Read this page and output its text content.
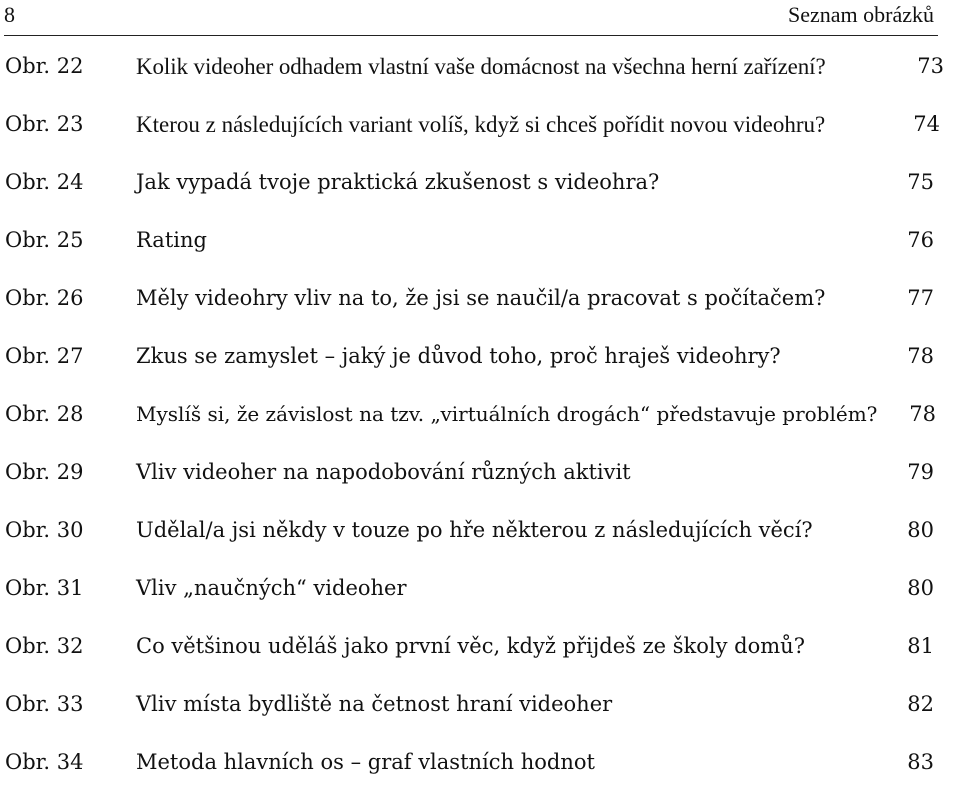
8	Seznam obrázků
Obr. 22 Kolik videoher odhadem vlastní vaše domácnost na všechna herní zařízení?	73
Obr. 23 Kterou z následujících variant volíš, když si chceš pořídit novou videohru?	74
Obr. 24	Jak vypadá tvoje praktická zkušenost s videohra?	75
Obr. 25	Rating	76
Obr. 26	Měly videohry vliv na to, že jsi se naučil/a pracovat s počítačem?	77
Obr. 27	Zkus se zamyslet – jaký je důvod toho, proč hraješ videohry?	78
Obr. 28	Myslíš si, že závislost na tzv. „virtuálních drogách“ představuje problém? 78
Obr. 29	Vliv videoher na napodobování různých aktivit	79
Obr. 30	Udělal/a jsi někdy v touze po hře některou z následujících věcí?	80
Obr. 31	Vliv „naučných“ videoher	80
Obr. 32	Co většinou uděláš jako první věc, když přijdeš ze školy domů?	81
Obr. 33	Vliv místa bydliště na četnost hraní videoher	82
Obr. 34	Metoda hlavních os – graf vlastních hodnot	83
